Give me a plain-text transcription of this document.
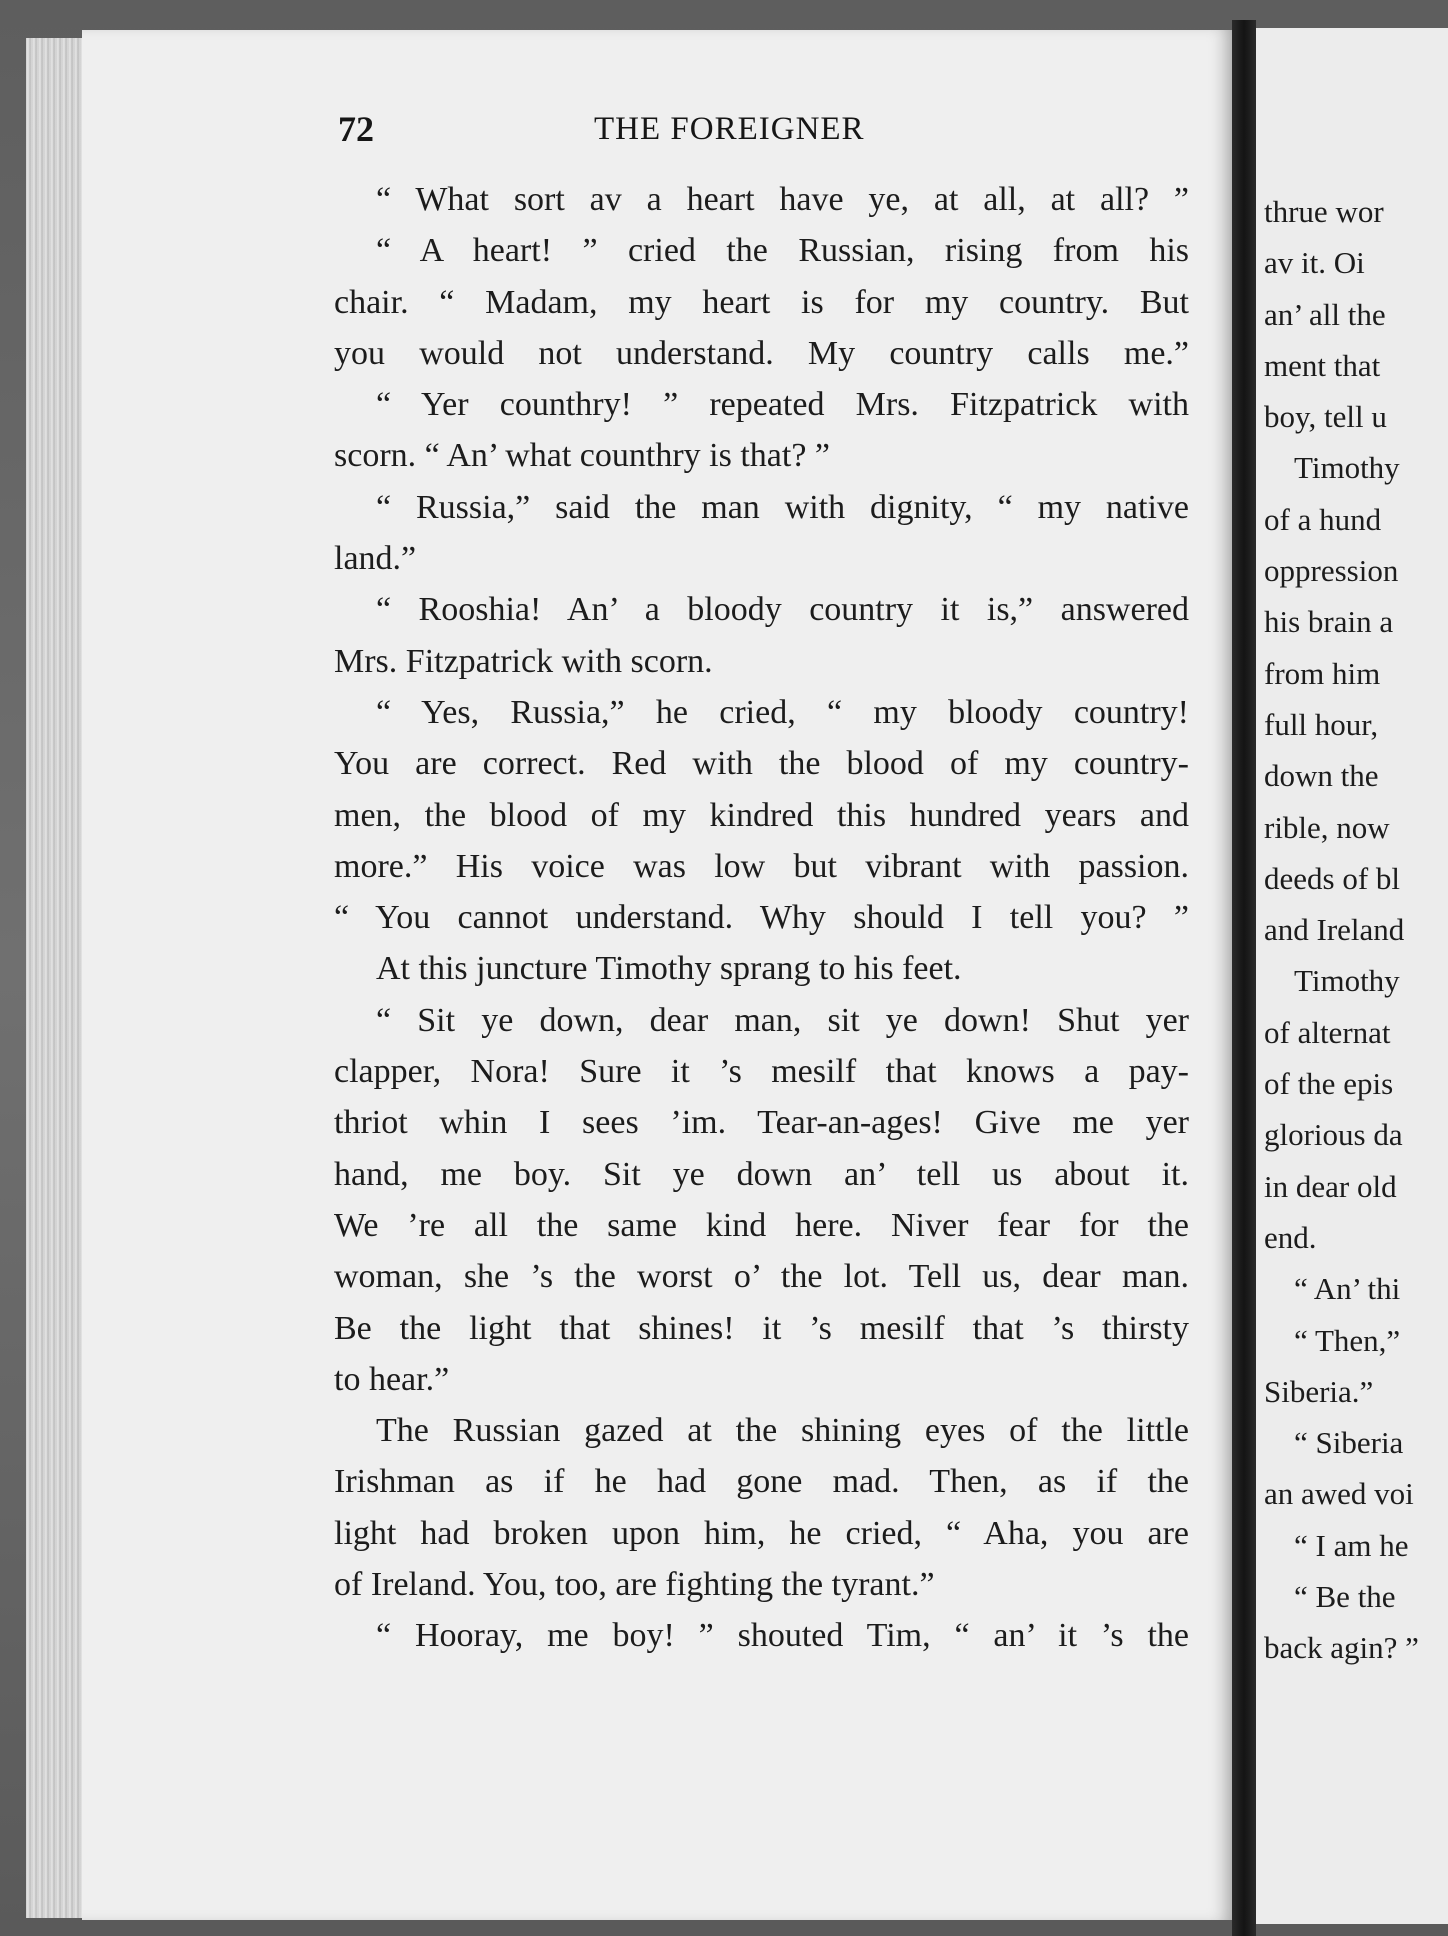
72	THE FOREIGNER
“ What sort av a heart have ye, at all, at all? ”
“ A heart! ” cried the Russian, rising from his
chair. “ Madam, my heart is for my country. But
you would not understand. My country calls me.”
“ Yer counthry! ” repeated Mrs. Fitzpatrick with
scorn. “ An’ what counthry is that? ”
“ Russia,” said the man with dignity, “ my native
land.”
“ Rooshia! An’ a bloody country it is,” answered
Mrs. Fitzpatrick with scorn.
“ Yes, Russia,” he cried, “ my bloody country!
You are correct. Red with the blood of my country-
men, the blood of my kindred this hundred years and
more.” His voice was low but vibrant with passion.
“ You cannot understand. Why should I tell you? ”
At this juncture Timothy sprang to his feet.
“ Sit ye down, dear man, sit ye down! Shut yer
clapper, Nora! Sure it ’s mesilf that knows a pay-
thriot whin I sees ’im. Tear-an-ages! Give me yer
hand, me boy. Sit ye down an’ tell us about it.
We ’re all the same kind here. Niver fear for the
woman, she ’s the worst o’ the lot. Tell us, dear man.
Be the light that shines! it ’s mesilf that ’s thirsty
to hear.”
The Russian gazed at the shining eyes of the little
Irishman as if he had gone mad. Then, as if the
light had broken upon him, he cried, “ Aha, you are
of Ireland. You, too, are fighting the tyrant.”
“ Hooray, me boy! ” shouted Tim, “ an’ it ’s the
thrue wor
av it. Oi
an’ all the
ment that
boy, tell u
Timothy
of a hund
oppression
his brain a
from him
full hour,
down the
rible, now
deeds of bl
and Ireland
Timothy
of alternat
of the epis
glorious da
in dear old
end.
“ An’ thi
“ Then,”
Siberia.”
“ Siberia
an awed voi
“ I am he
“ Be the
back agin? ”
